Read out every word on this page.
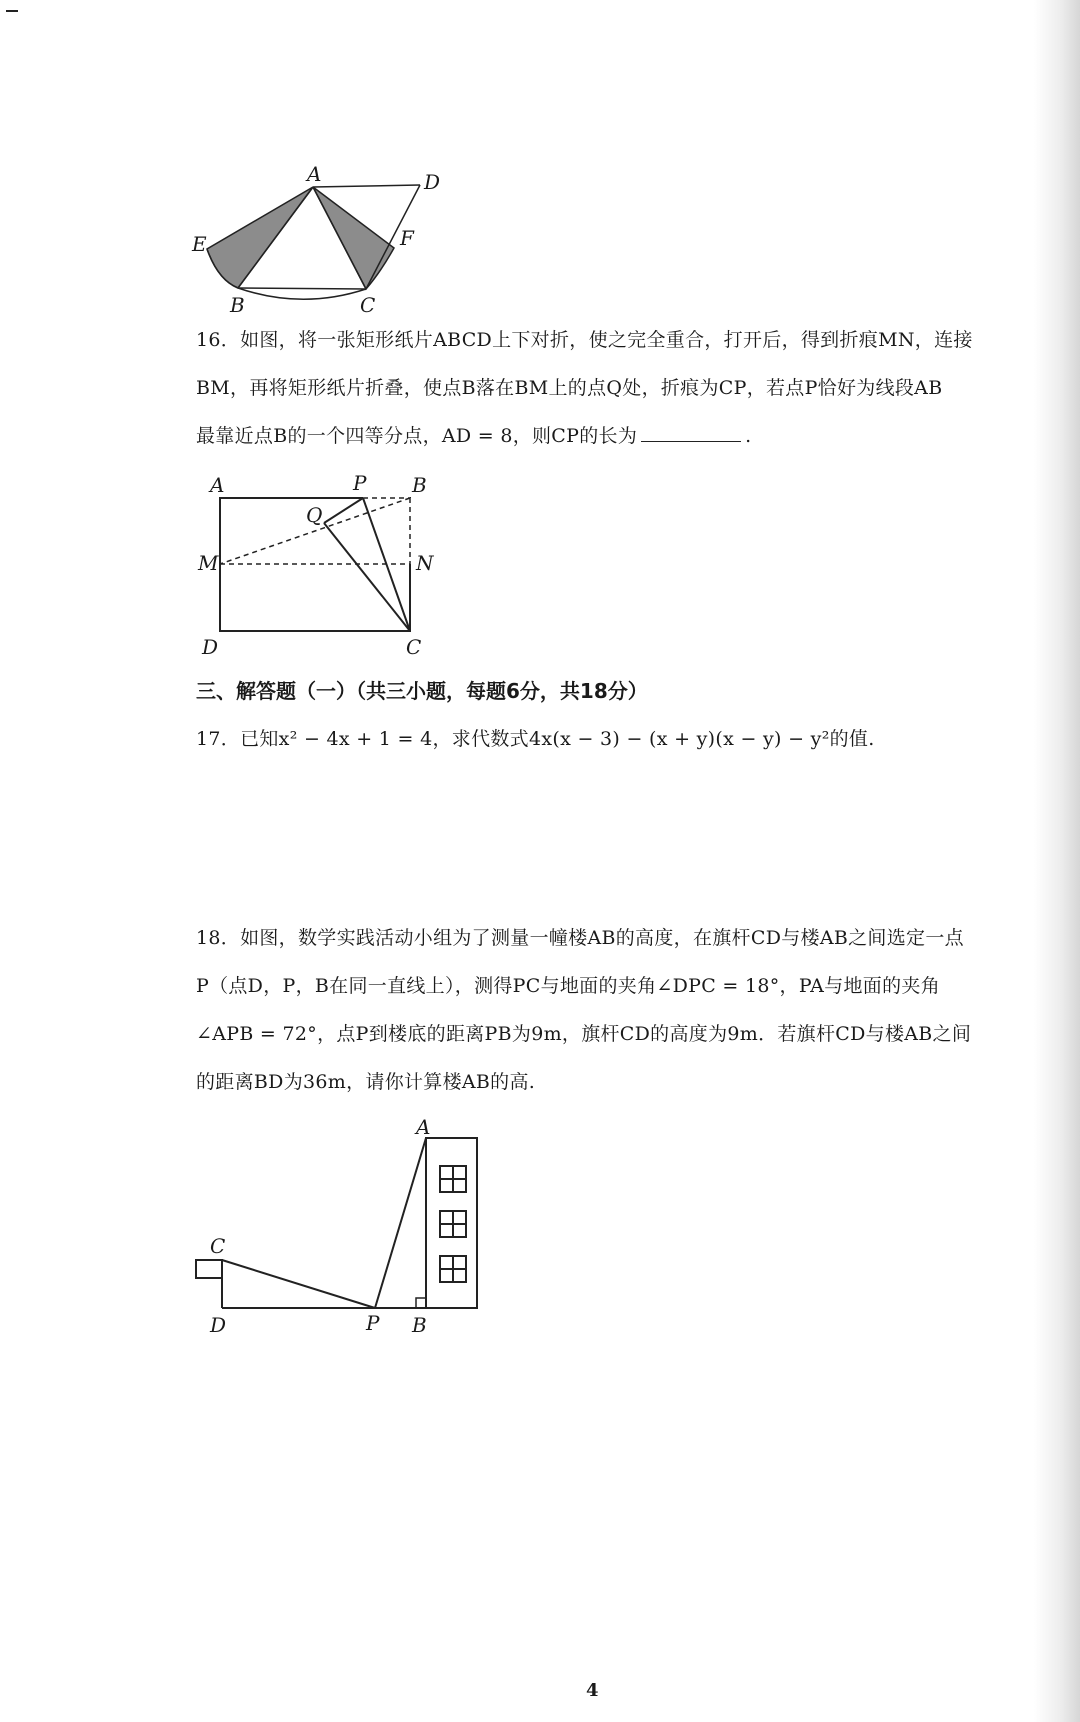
A	D
E	F
B	C
16．如图，将一张矩形纸片ABCD上下对折，使之完全重合，打开后，得到折痕MN，连接
BM，再将矩形纸片折叠，使点B落在BM上的点Q处，折痕为CP，若点P恰好为线段AB
最靠近点B的一个四等分点，AD = 8，则CP的长为	.
A	P B
Q
M	N
D	C
三、解答题（一）（共三小题，每题6分，共18分）
17．已知x² − 4x + 1 = 4，求代数式4x(x − 3) − (x + y)(x − y) − y²的值.
18．如图，数学实践活动小组为了测量一幢楼AB的高度，在旗杆CD与楼AB之间选定一点
P（点D，P，B在同一直线上），测得PC与地面的夹角∠DPC = 18°，PA与地面的夹角
∠APB = 72°，点P到楼底的距离PB为9m，旗杆CD的高度为9m．若旗杆CD与楼AB之间
的距离BD为36m，请你计算楼AB的高.
A
C
D	P B
4
